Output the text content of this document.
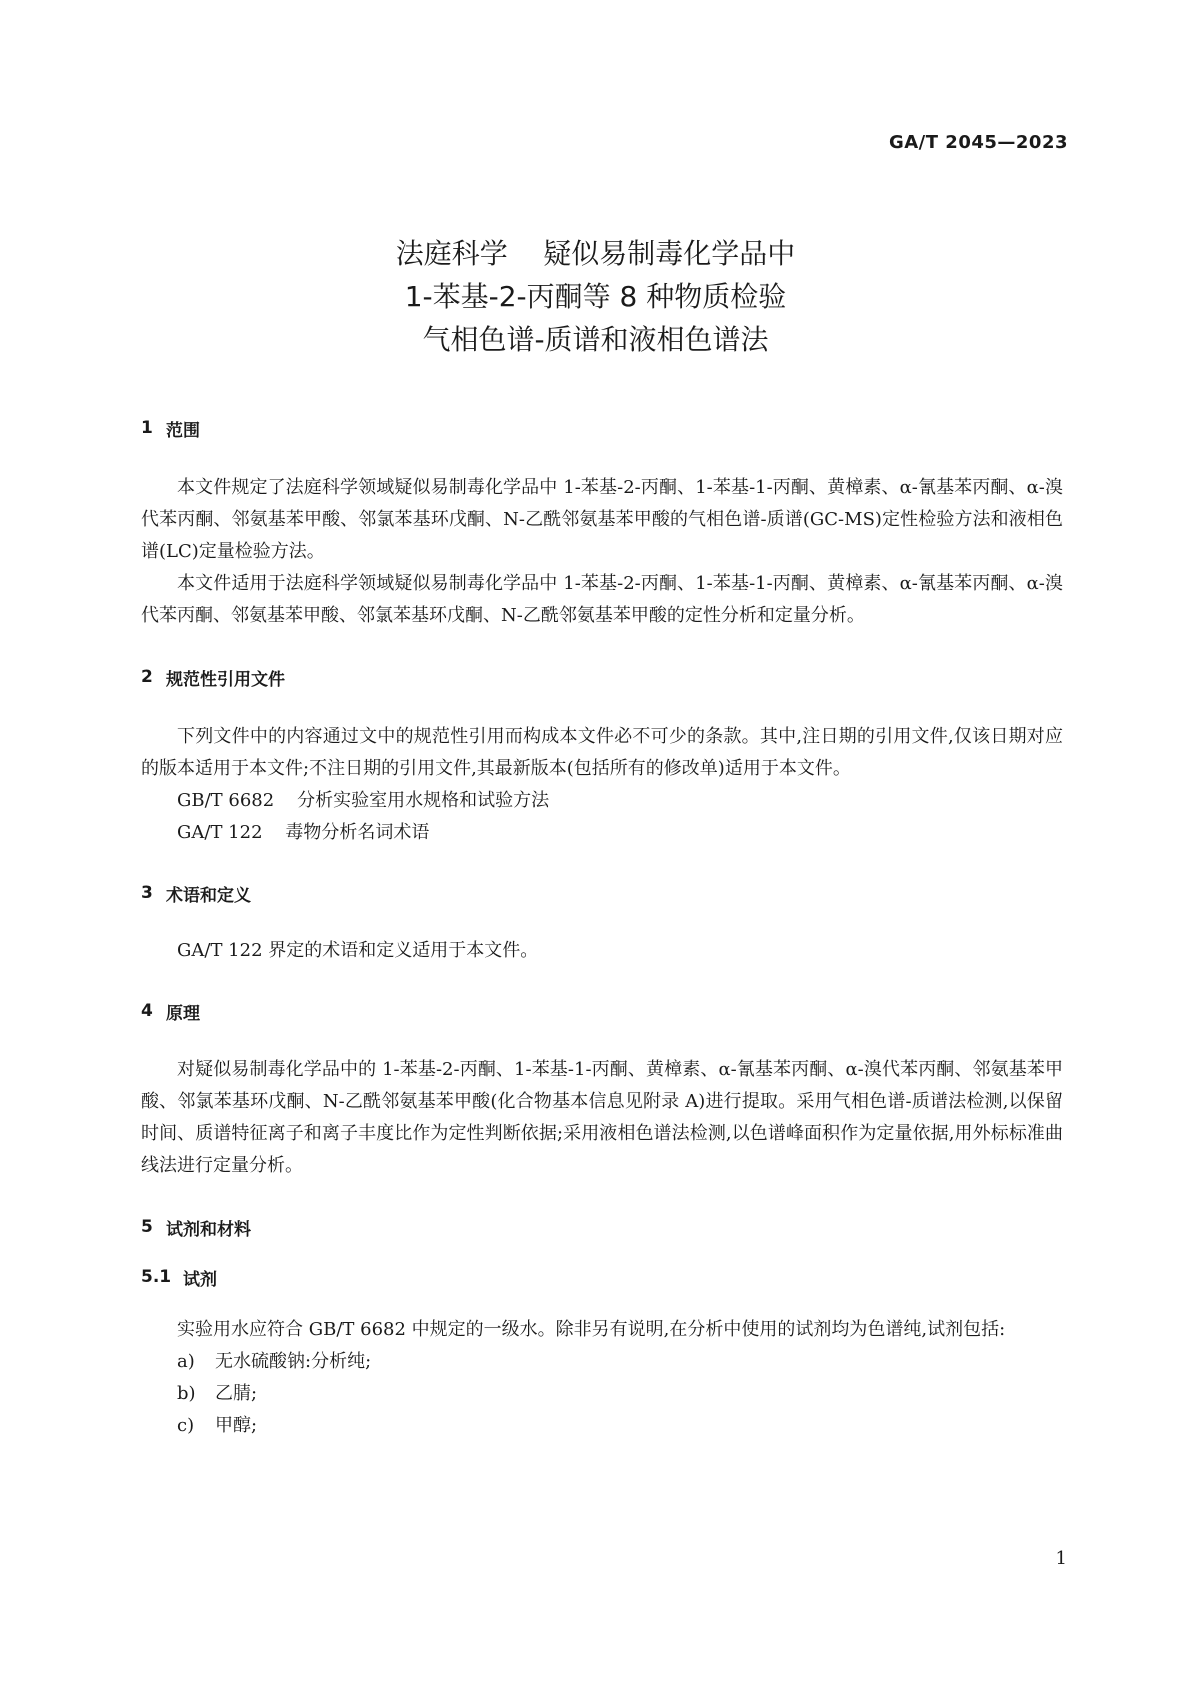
GA/T 2045—2023
法庭科学    疑似易制毒化学品中
1-苯基-2-丙酮等 8 种物质检验
气相色谱-质谱和液相色谱法
1 范围

本文件规定了法庭科学领域疑似易制毒化学品中 1-苯基-2-丙酮、1-苯基-1-丙酮、黄樟素、α-氰基苯丙酮、α-溴代苯丙酮、邻氨基苯甲酸、邻氯苯基环戊酮、N-乙酰邻氨基苯甲酸的气相色谱-质谱(GC-MS)定性检验方法和液相色谱(LC)定量检验方法。

本文件适用于法庭科学领域疑似易制毒化学品中 1-苯基-2-丙酮、1-苯基-1-丙酮、黄樟素、α-氰基苯丙酮、α-溴代苯丙酮、邻氨基苯甲酸、邻氯苯基环戊酮、N-乙酰邻氨基苯甲酸的定性分析和定量分析。

2 规范性引用文件

下列文件中的内容通过文中的规范性引用而构成本文件必不可少的条款。其中,注日期的引用文件,仅该日期对应的版本适用于本文件;不注日期的引用文件,其最新版本(包括所有的修改单)适用于本文件。

GB/T 6682    分析实验室用水规格和试验方法
GA/T 122    毒物分析名词术语
3 术语和定义

GA/T 122 界定的术语和定义适用于本文件。

4 原理

对疑似易制毒化学品中的 1-苯基-2-丙酮、1-苯基-1-丙酮、黄樟素、α-氰基苯丙酮、α-溴代苯丙酮、邻氨基苯甲酸、邻氯苯基环戊酮、N-乙酰邻氨基苯甲酸(化合物基本信息见附录 A)进行提取。采用气相色谱-质谱法检测,以保留时间、质谱特征离子和离子丰度比作为定性判断依据;采用液相色谱法检测,以色谱峰面积作为定量依据,用外标标准曲线法进行定量分析。

5 试剂和材料
5.1 试剂

实验用水应符合 GB/T 6682 中规定的一级水。除非另有说明,在分析中使用的试剂均为色谱纯,试剂包括:

a)	无水硫酸钠:分析纯;
b)	乙腈;
c)	甲醇;
1
